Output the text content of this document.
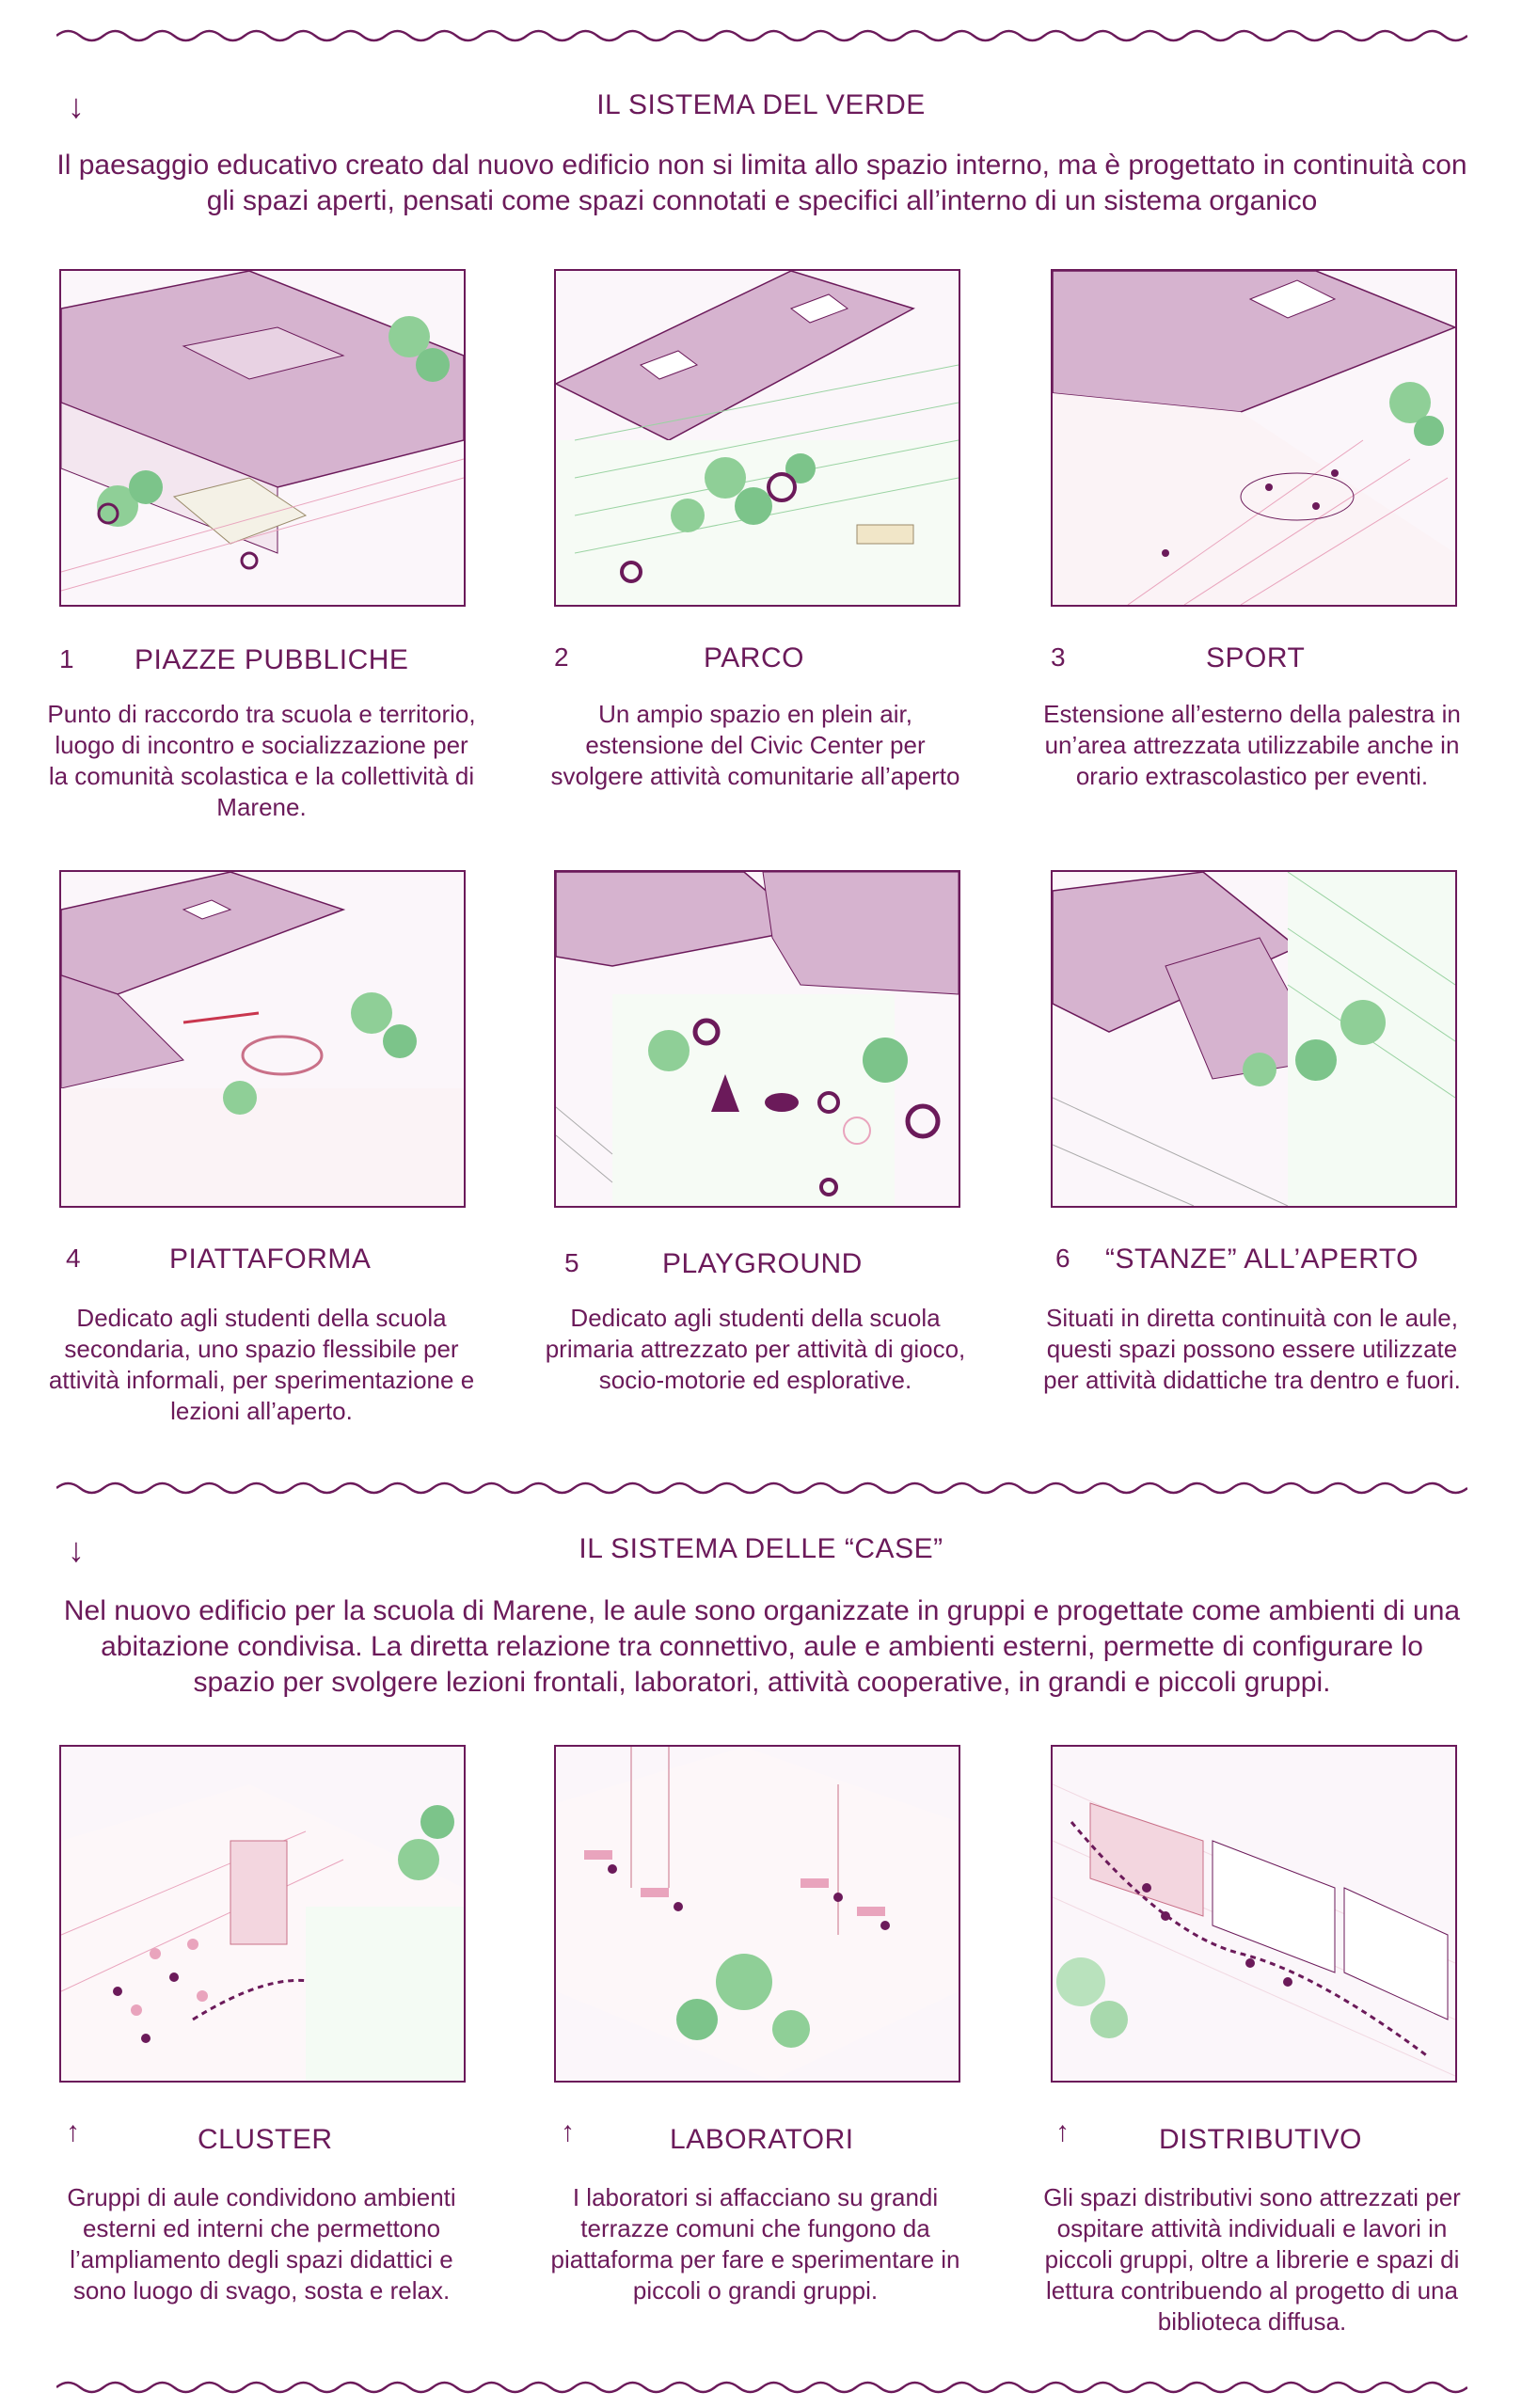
↓	IL SISTEMA DEL VERDE
Il paesaggio educativo creato dal nuovo edificio non si limita allo spazio interno, ma è progettato in continuità con gli spazi aperti, pensati come spazi connotati e specifici all’interno di un sistema organico
1 PIAZZE PUBBLICHE
Punto di raccordo tra scuola e territorio, luogo di incontro e socializzazione per la comunità scolastica e la collettività di Marene.
2	PARCO
Un ampio spazio en plein air, estensione del Civic Center per svolgere attività comunitarie all’aperto
3	SPORT
Estensione all’esterno della palestra in un’area attrezzata utilizzabile anche in orario extrascolastico per eventi.
4	PIATTAFORMA
Dedicato agli studenti della scuola secondaria, uno spazio flessibile per attività informali, per sperimentazione e lezioni all’aperto.
5	PLAYGROUND
Dedicato agli studenti della scuola primaria attrezzato per attività di gioco, socio-motorie ed esplorative.
6 “STANZE” ALL’APERTO
Situati in diretta continuità con le aule, questi spazi possono essere utilizzate per attività didattiche tra dentro e fuori.
↓	IL SISTEMA DELLE “CASE”
Nel nuovo edificio per la scuola di Marene, le aule sono organizzate in gruppi e progettate come ambienti di una abitazione condivisa. La diretta relazione tra connettivo, aule e ambienti esterni, permette di configurare lo spazio per svolgere lezioni frontali, laboratori, attività cooperative, in grandi e piccoli gruppi.
↑	CLUSTER
Gruppi di aule condividono ambienti esterni ed interni che permettono l’ampliamento degli spazi didattici e sono luogo di svago, sosta e relax.
↑	LABORATORI
I laboratori si affacciano su grandi terrazze comuni che fungono da piattaforma per fare e sperimentare in piccoli o grandi gruppi.
↑	DISTRIBUTIVO
Gli spazi distributivi sono attrezzati per ospitare attività individuali e lavori in piccoli gruppi, oltre a librerie e spazi di lettura contribuendo al progetto di una biblioteca diffusa.
